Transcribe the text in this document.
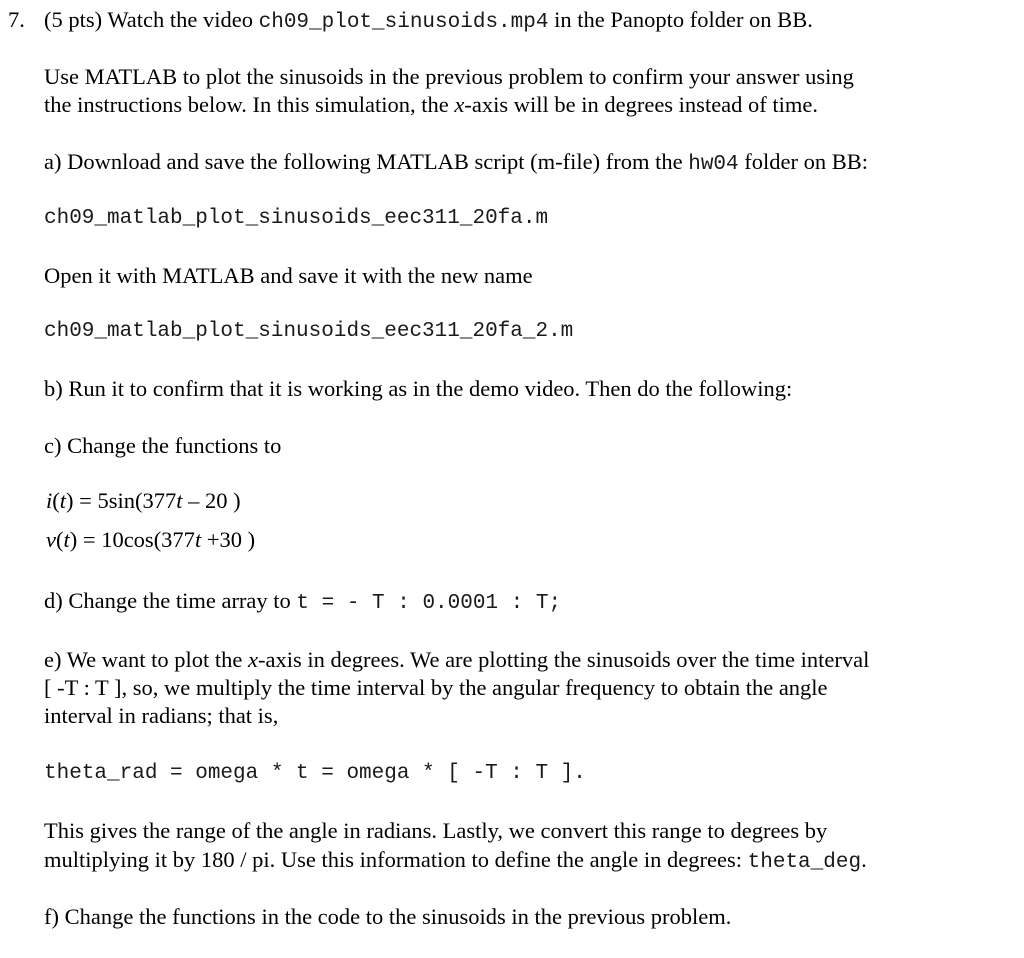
7. (5 pts) Watch the video ch09_plot_sinusoids.mp4 in the Panopto folder on BB.
Use MATLAB to plot the sinusoids in the previous problem to confirm your answer using
the instructions below. In this simulation, the x-axis will be in degrees instead of time.
a) Download and save the following MATLAB script (m-file) from the hw04 folder on BB:
ch09_matlab_plot_sinusoids_eec311_20fa.m
Open it with MATLAB and save it with the new name
ch09_matlab_plot_sinusoids_eec311_20fa_2.m
b) Run it to confirm that it is working as in the demo video. Then do the following:
c) Change the functions to
i(t) = 5sin(377t – 20 )
v(t) = 10cos(377t +30 )
d) Change the time array to t = - T : 0.0001 : T;
e) We want to plot the x-axis in degrees. We are plotting the sinusoids over the time interval
[ -T : T ], so, we multiply the time interval by the angular frequency to obtain the angle
interval in radians; that is,
theta_rad = omega * t = omega * [ -T : T ].
This gives the range of the angle in radians. Lastly, we convert this range to degrees by
multiplying it by 180 / pi. Use this information to define the angle in degrees: theta_deg.
f) Change the functions in the code to the sinusoids in the previous problem.
